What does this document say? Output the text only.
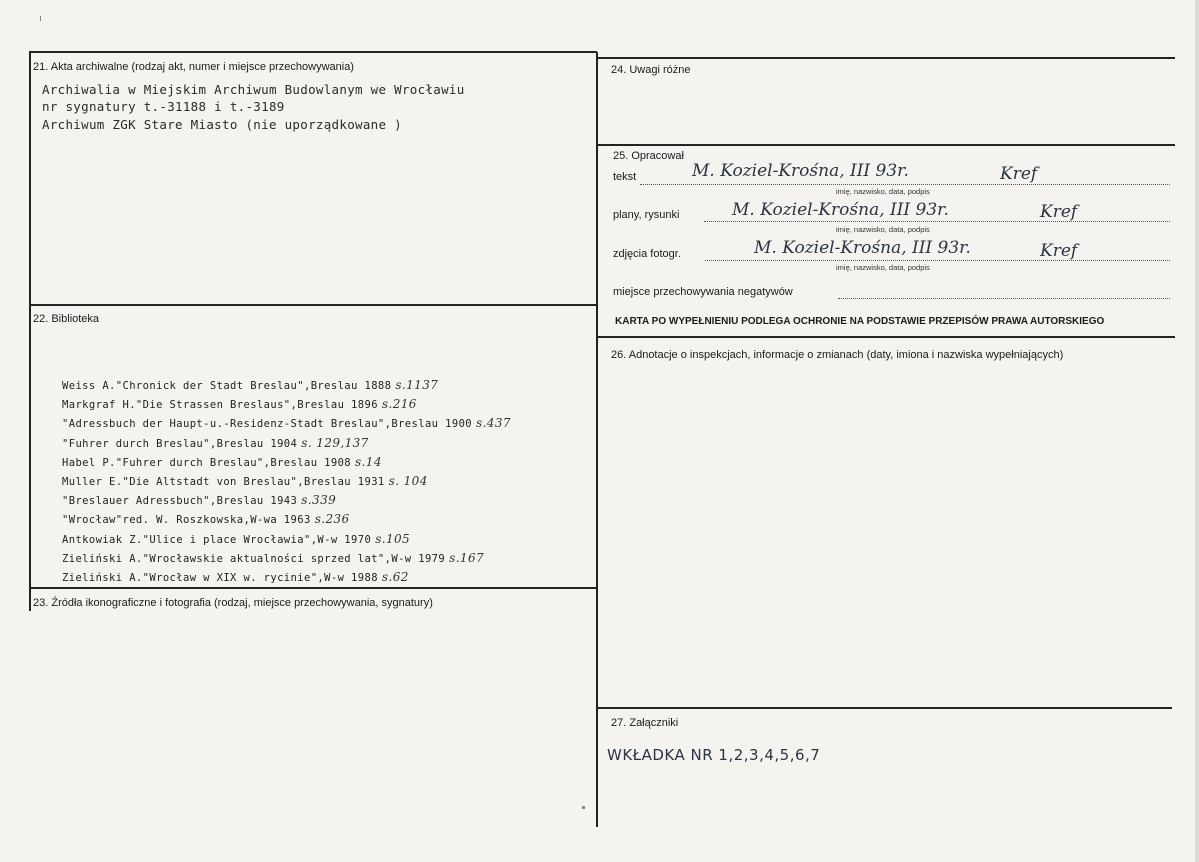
21. Akta archiwalne (rodzaj akt, numer i miejsce przechowywania)
Archiwalia w Miejskim Archiwum Budowlanym we Wrocławiu
nr sygnatury t.-31188 i t.-3189
Archiwum ZGK Stare Miasto (nie uporządkowane )
22. Biblioteka
Weiss A."Chronick der Stadt Breslau",Breslau 1888 s.1137
Markgraf H."Die Strassen Breslaus",Breslau 1896 s.216
"Adressbuch der Haupt-u.-Residenz-Stadt Breslau",Breslau 1900 s.437
"Fuhrer durch Breslau",Breslau 1904 s. 129,137
Habel P."Fuhrer durch Breslau",Breslau 1908 s.14
Muller E."Die Altstadt von Breslau",Breslau 1931 s. 104
"Breslauer Adressbuch",Breslau 1943 s.339
"Wrocław"red. W. Roszkowska,W-wa 1963 s.236
Antkowiak Z."Ulice i place Wrocławia",W-w 1970 s.105
Zieliński A."Wrocławskie aktualności sprzed lat",W-w 1979 s.167
Zieliński A."Wrocław w XIX w. rycinie",W-w 1988 s.62
23. Źródła ikonograficzne i fotografia (rodzaj, miejsce przechowywania, sygnatury)
24. Uwagi różne
25. Opracował
tekst	M. Koziel-Krośna, III 93r.	Kref
imię, nazwisko, data, podpis
plany, rysunki	M. Koziel-Krośna, III 93r.	Kref
imię, nazwisko, data, podpis
zdjęcia fotogr.	M. Koziel-Krośna, III 93r.	Kref
imię, nazwisko, data, podpis
miejsce przechowywania negatywów
KARTA PO WYPEŁNIENIU PODLEGA OCHRONIE NA PODSTAWIE PRZEPISÓW PRAWA AUTORSKIEGO
26. Adnotacje o inspekcjach, informacje o zmianach (daty, imiona i nazwiska wypełniających)
27. Załączniki
WKŁADKA NR 1,2,3,4,5,6,7
